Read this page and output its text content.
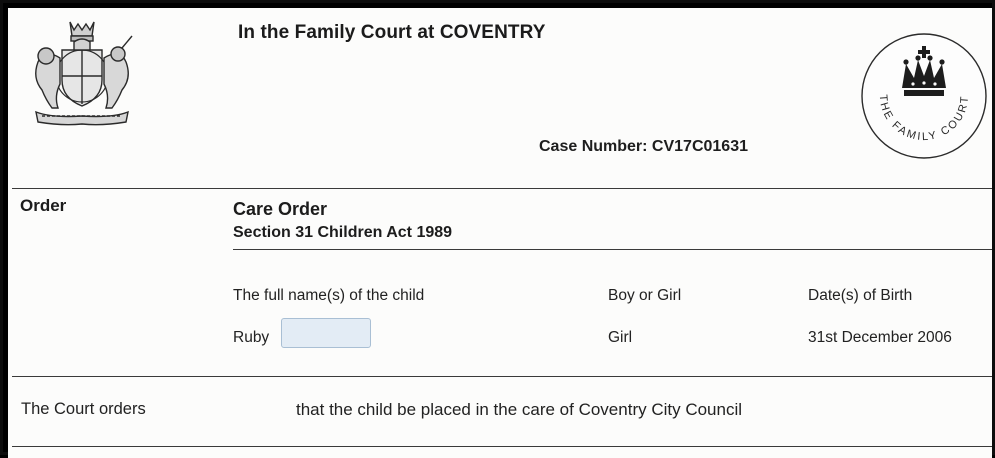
In the Family Court at COVENTRY
THE FAMILY COURT
Case Number: CV17C01631
Order	Care Order
Section 31 Children Act 1989
The full name(s) of the child	Boy or Girl	Date(s) of Birth
Ruby	Girl	31st December 2006
The Court orders	that the child be placed in the care of Coventry City Council
